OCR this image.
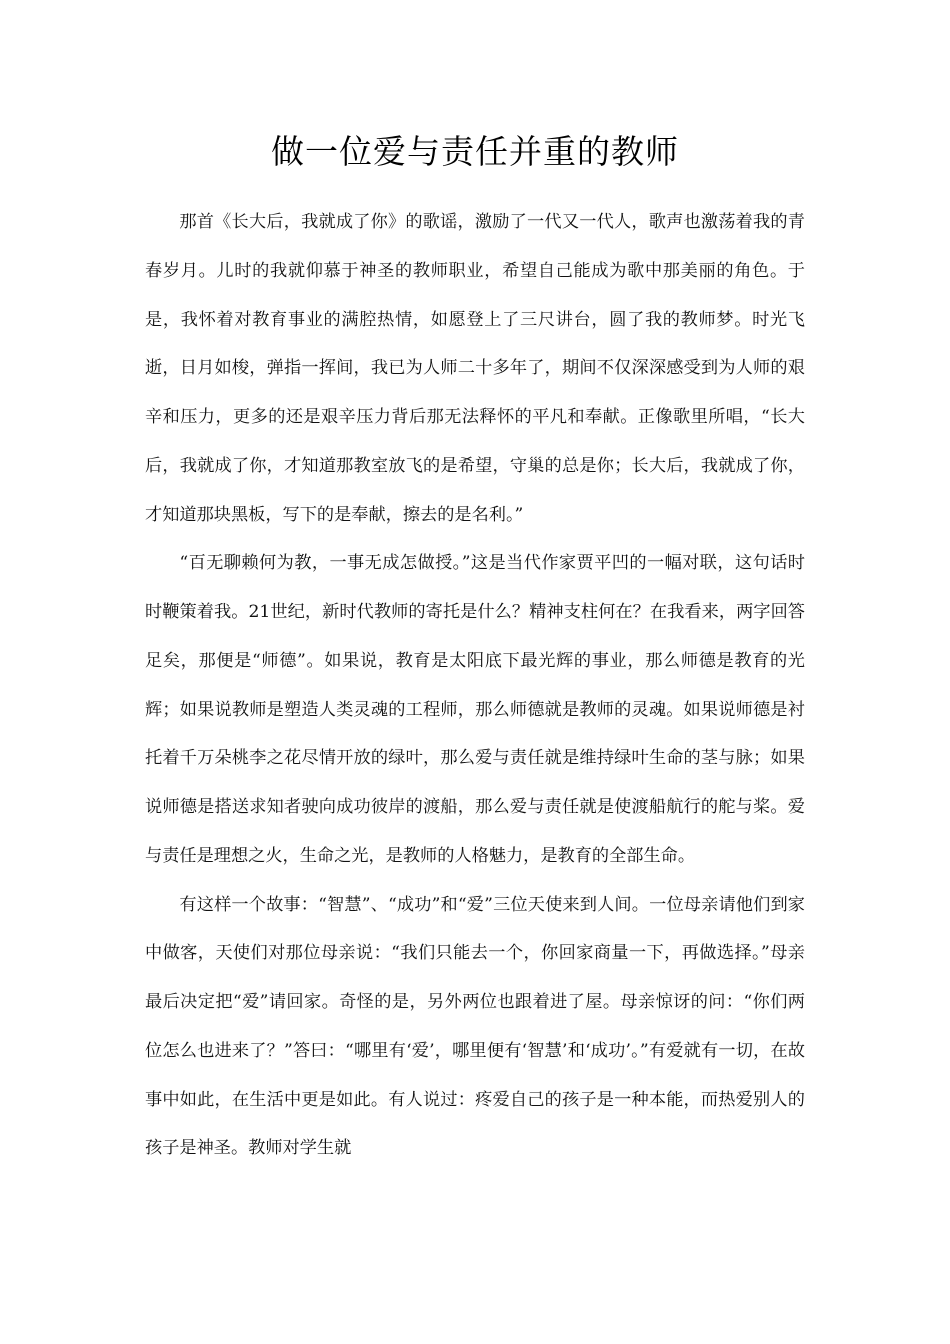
做一位爱与责任并重的教师

那首《长大后，我就成了你》的歌谣，激励了一代又一代人，歌声也激荡着我的青春岁月。儿时的我就仰慕于神圣的教师职业，希望自己能成为歌中那美丽的角色。于是，我怀着对教育事业的满腔热情，如愿登上了三尺讲台，圆了我的教师梦。时光飞逝，日月如梭，弹指一挥间，我已为人师二十多年了，期间不仅深深感受到为人师的艰辛和压力，更多的还是艰辛压力背后那无法释怀的平凡和奉献。正像歌里所唱，“长大后，我就成了你，才知道那教室放飞的是希望，守巢的总是你；长大后，我就成了你，才知道那块黑板，写下的是奉献，擦去的是名利。”

“百无聊赖何为教，一事无成怎做授。”这是当代作家贾平凹的一幅对联，这句话时时鞭策着我。21世纪，新时代教师的寄托是什么？精神支柱何在？在我看来，两字回答足矣，那便是“师德”。如果说，教育是太阳底下最光辉的事业，那么师德是教育的光辉；如果说教师是塑造人类灵魂的工程师，那么师德就是教师的灵魂。如果说师德是衬托着千万朵桃李之花尽情开放的绿叶，那么爱与责任就是维持绿叶生命的茎与脉；如果说师德是搭送求知者驶向成功彼岸的渡船，那么爱与责任就是使渡船航行的舵与桨。爱与责任是理想之火，生命之光，是教师的人格魅力，是教育的全部生命。

有这样一个故事：“智慧”、“成功”和“爱”三位天使来到人间。一位母亲请他们到家中做客，天使们对那位母亲说：“我们只能去一个，你回家商量一下，再做选择。”母亲最后决定把“爱”请回家。奇怪的是，另外两位也跟着进了屋。母亲惊讶的问：“你们两位怎么也进来了？”答曰：“哪里有‘爱’，哪里便有‘智慧’和‘成功’。”有爱就有一切，在故事中如此，在生活中更是如此。有人说过：疼爱自己的孩子是一种本能，而热爱别人的孩子是神圣。教师对学生就
